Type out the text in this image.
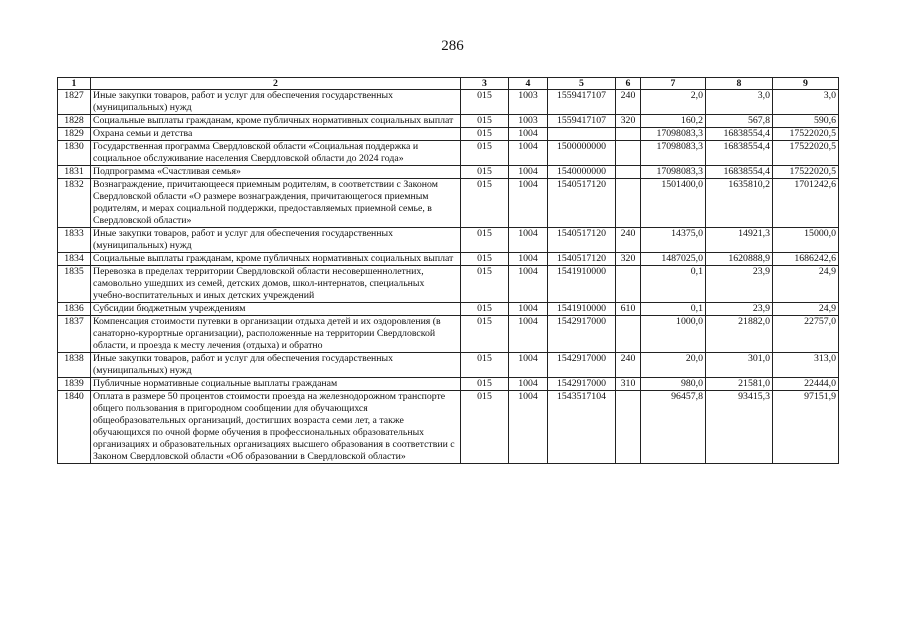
286
1	2	3	4	5	6	7	8	9
1827	Иные закупки товаров, работ и услуг для обеспечения государственных (муниципальных) нужд	015	1003	1559417107	240	2,0	3,0	3,0
1828	Социальные выплаты гражданам, кроме публичных нормативных социальных выплат	015	1003	1559417107	320	160,2	567,8	590,6
1829	Охрана семьи и детства	015	1004			17098083,3	16838554,4	17522020,5
1830	Государственная программа Свердловской области «Социальная поддержка и социальное обслуживание населения Свердловской области до 2024 года»	015	1004	1500000000		17098083,3	16838554,4	17522020,5
1831	Подпрограмма «Счастливая семья»	015	1004	1540000000		17098083,3	16838554,4	17522020,5
1832	Вознаграждение, причитающееся приемным родителям, в соответствии с Законом Свердловской области «О размере вознаграждения, причитающегося приемным родителям, и мерах социальной поддержки, предоставляемых приемной семье, в Свердловской области»	015	1004	1540517120		1501400,0	1635810,2	1701242,6
1833	Иные закупки товаров, работ и услуг для обеспечения государственных (муниципальных) нужд	015	1004	1540517120	240	14375,0	14921,3	15000,0
1834	Социальные выплаты гражданам, кроме публичных нормативных социальных выплат	015	1004	1540517120	320	1487025,0	1620888,9	1686242,6
1835	Перевозка в пределах территории Свердловской области несовершеннолетних, самовольно ушедших из семей, детских домов, школ-интернатов, специальных учебно-воспитательных и иных детских учреждений	015	1004	1541910000		0,1	23,9	24,9
1836	Субсидии бюджетным учреждениям	015	1004	1541910000	610	0,1	23,9	24,9
1837	Компенсация стоимости путевки в организации отдыха детей и их оздоровления (в санаторно-курортные организации), расположенные на территории Свердловской области, и проезда к месту лечения (отдыха) и обратно	015	1004	1542917000		1000,0	21882,0	22757,0
1838	Иные закупки товаров, работ и услуг для обеспечения государственных (муниципальных) нужд	015	1004	1542917000	240	20,0	301,0	313,0
1839	Публичные нормативные социальные выплаты гражданам	015	1004	1542917000	310	980,0	21581,0	22444,0
1840	Оплата в размере 50 процентов стоимости проезда на железнодорожном транспорте общего пользования в пригородном сообщении для обучающихся общеобразовательных организаций, достигших возраста семи лет, а также обучающихся по очной форме обучения в профессиональных образовательных организациях и образовательных организациях высшего образования в соответствии с Законом Свердловской области «Об образовании в Свердловской области»	015	1004	1543517104		96457,8	93415,3	97151,9
